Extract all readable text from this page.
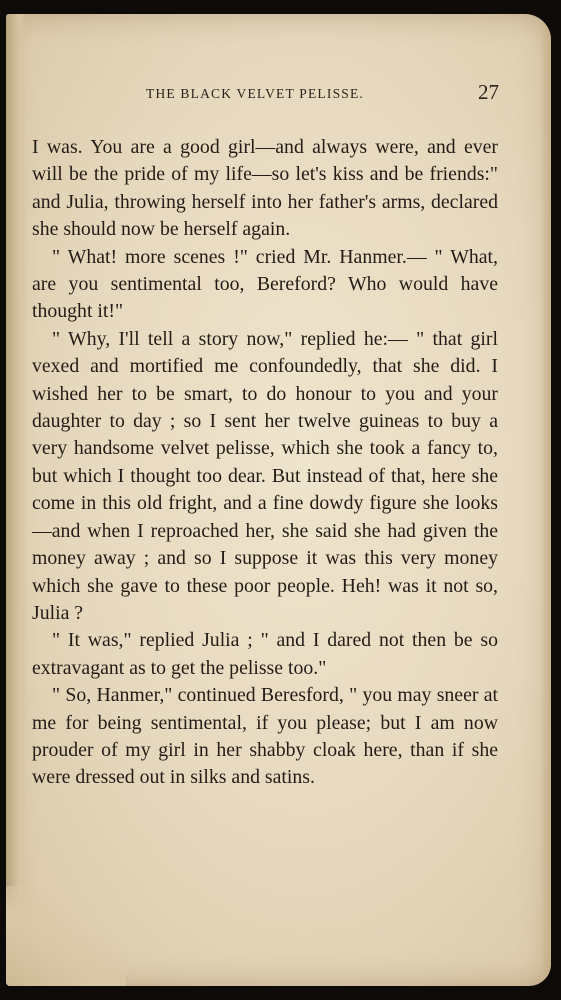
THE BLACK VELVET PELISSE.	27

I was. You are a good girl—and always were, and ever will be the pride of my life—so let's kiss and be friends:" and Julia, throwing herself into her father's arms, declared she should now be herself again.

" What! more scenes !" cried Mr. Hanmer.— " What, are you sentimental too, Bereford? Who would have thought it!"

" Why, I'll tell a story now," replied he:— " that girl vexed and mortified me confoundedly, that she did. I wished her to be smart, to do honour to you and your daughter to day ; so I sent her twelve guineas to buy a very handsome velvet pelisse, which she took a fancy to, but which I thought too dear. But instead of that, here she come in this old fright, and a fine dowdy figure she looks—and when I reproached her, she said she had given the money away ; and so I suppose it was this very money which she gave to these poor people. Heh! was it not so, Julia ?

" It was," replied Julia ; " and I dared not then be so extravagant as to get the pelisse too."

" So, Hanmer," continued Beresford, " you may sneer at me for being sentimental, if you please; but I am now prouder of my girl in her shabby cloak here, than if she were dressed out in silks and satins.
